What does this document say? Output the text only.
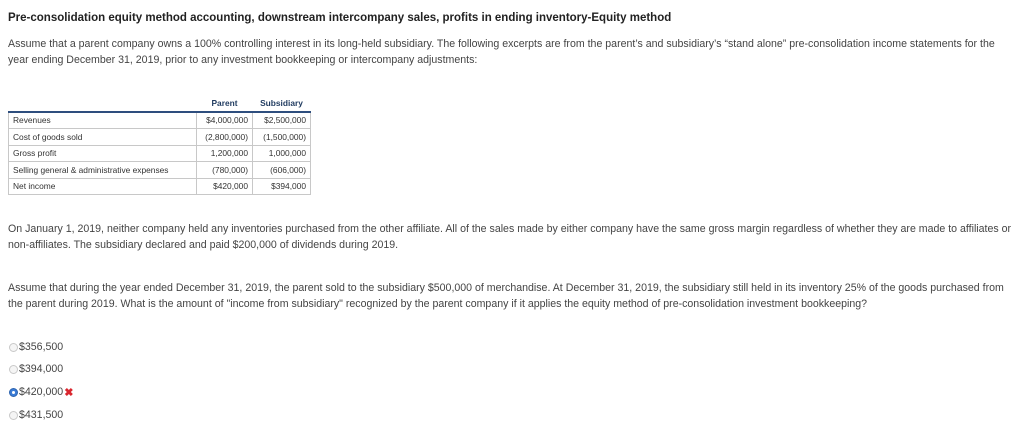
Pre-consolidation equity method accounting, downstream intercompany sales, profits in ending inventory-Equity method
Assume that a parent company owns a 100% controlling interest in its long-held subsidiary. The following excerpts are from the parent’s and subsidiary’s “stand alone” pre-consolidation income statements for the year ending December 31, 2019, prior to any investment bookkeeping or intercompany adjustments:
	Parent	Subsidiary
Revenues	$4,000,000	$2,500,000
Cost of goods sold	(2,800,000)	(1,500,000)
Gross profit	1,200,000	1,000,000
Selling general & administrative expenses	(780,000)	(606,000)
Net income	$420,000	$394,000
On January 1, 2019, neither company held any inventories purchased from the other affiliate. All of the sales made by either company have the same gross margin regardless of whether they are made to affiliates or non-affiliates. The subsidiary declared and paid $200,000 of dividends during 2019.
Assume that during the year ended December 31, 2019, the parent sold to the subsidiary $500,000 of merchandise. At December 31, 2019, the subsidiary still held in its inventory 25% of the goods purchased from the parent during 2019. What is the amount of "income from subsidiary" recognized by the parent company if it applies the equity method of pre-consolidation investment bookkeeping?
$356,500
$394,000
$420,000 ✖
$431,500
